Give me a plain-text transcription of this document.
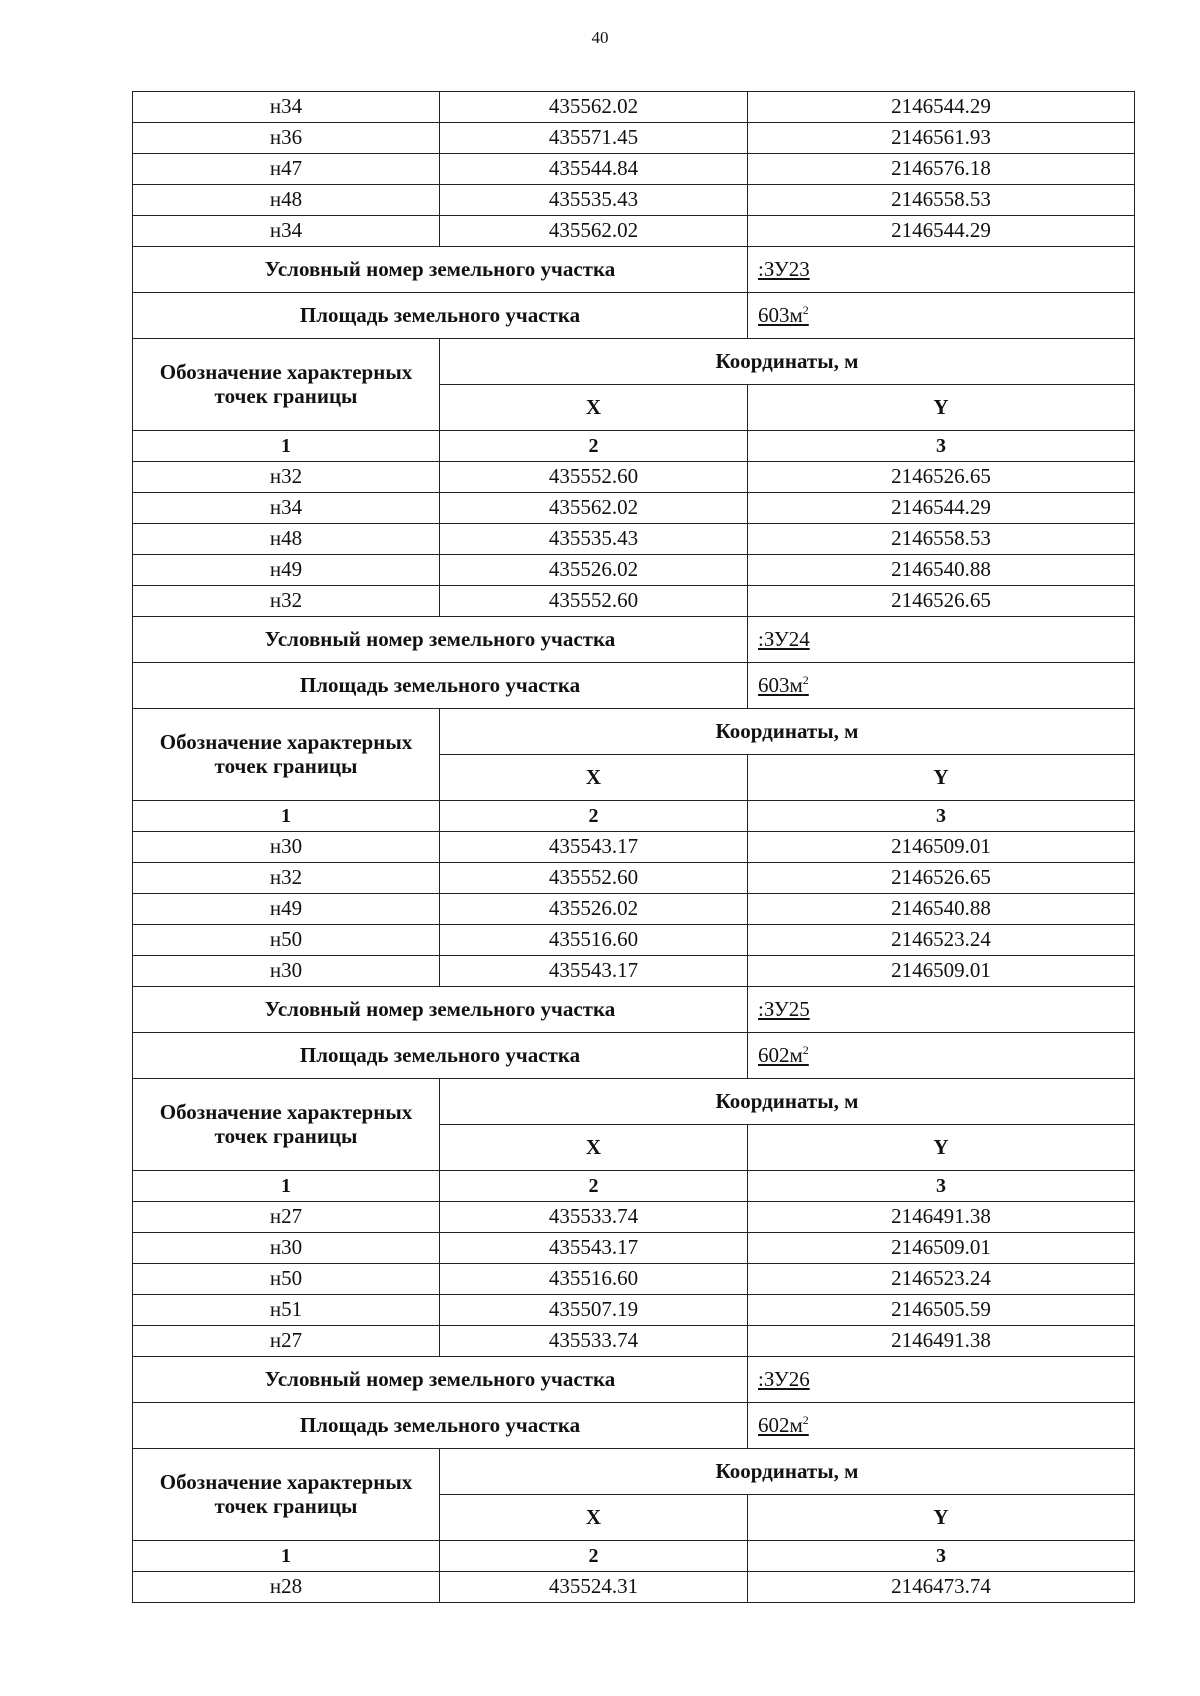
40
н34	435562.02	2146544.29
н36	435571.45	2146561.93
н47	435544.84	2146576.18
н48	435535.43	2146558.53
н34	435562.02	2146544.29
Условный номер земельного участка		:ЗУ23
Площадь земельного участка		$603м^2$
Обозначение характерных точек границы	Координаты, м	
	X	Y
1	2	3
н32	435552.60	2146526.65
н34	435562.02	2146544.29
н48	435535.43	2146558.53
н49	435526.02	2146540.88
н32	435552.60	2146526.65
Условный номер земельного участка		:ЗУ24
Площадь земельного участка		$603м^2$
Обозначение характерных точек границы	Координаты, м	
	X	Y
1	2	3
н30	435543.17	2146509.01
н32	435552.60	2146526.65
н49	435526.02	2146540.88
н50	435516.60	2146523.24
н30	435543.17	2146509.01
Условный номер земельного участка		:ЗУ25
Площадь земельного участка		$602м^2$
Обозначение характерных точек границы	Координаты, м	
	X	Y
1	2	3
н27	435533.74	2146491.38
н30	435543.17	2146509.01
н50	435516.60	2146523.24
н51	435507.19	2146505.59
н27	435533.74	2146491.38
Условный номер земельного участка		:ЗУ26
Площадь земельного участка		$602м^2$
Обозначение характерных точек границы	Координаты, м	
	X	Y
1	2	3
н28	435524.31	2146473.74
